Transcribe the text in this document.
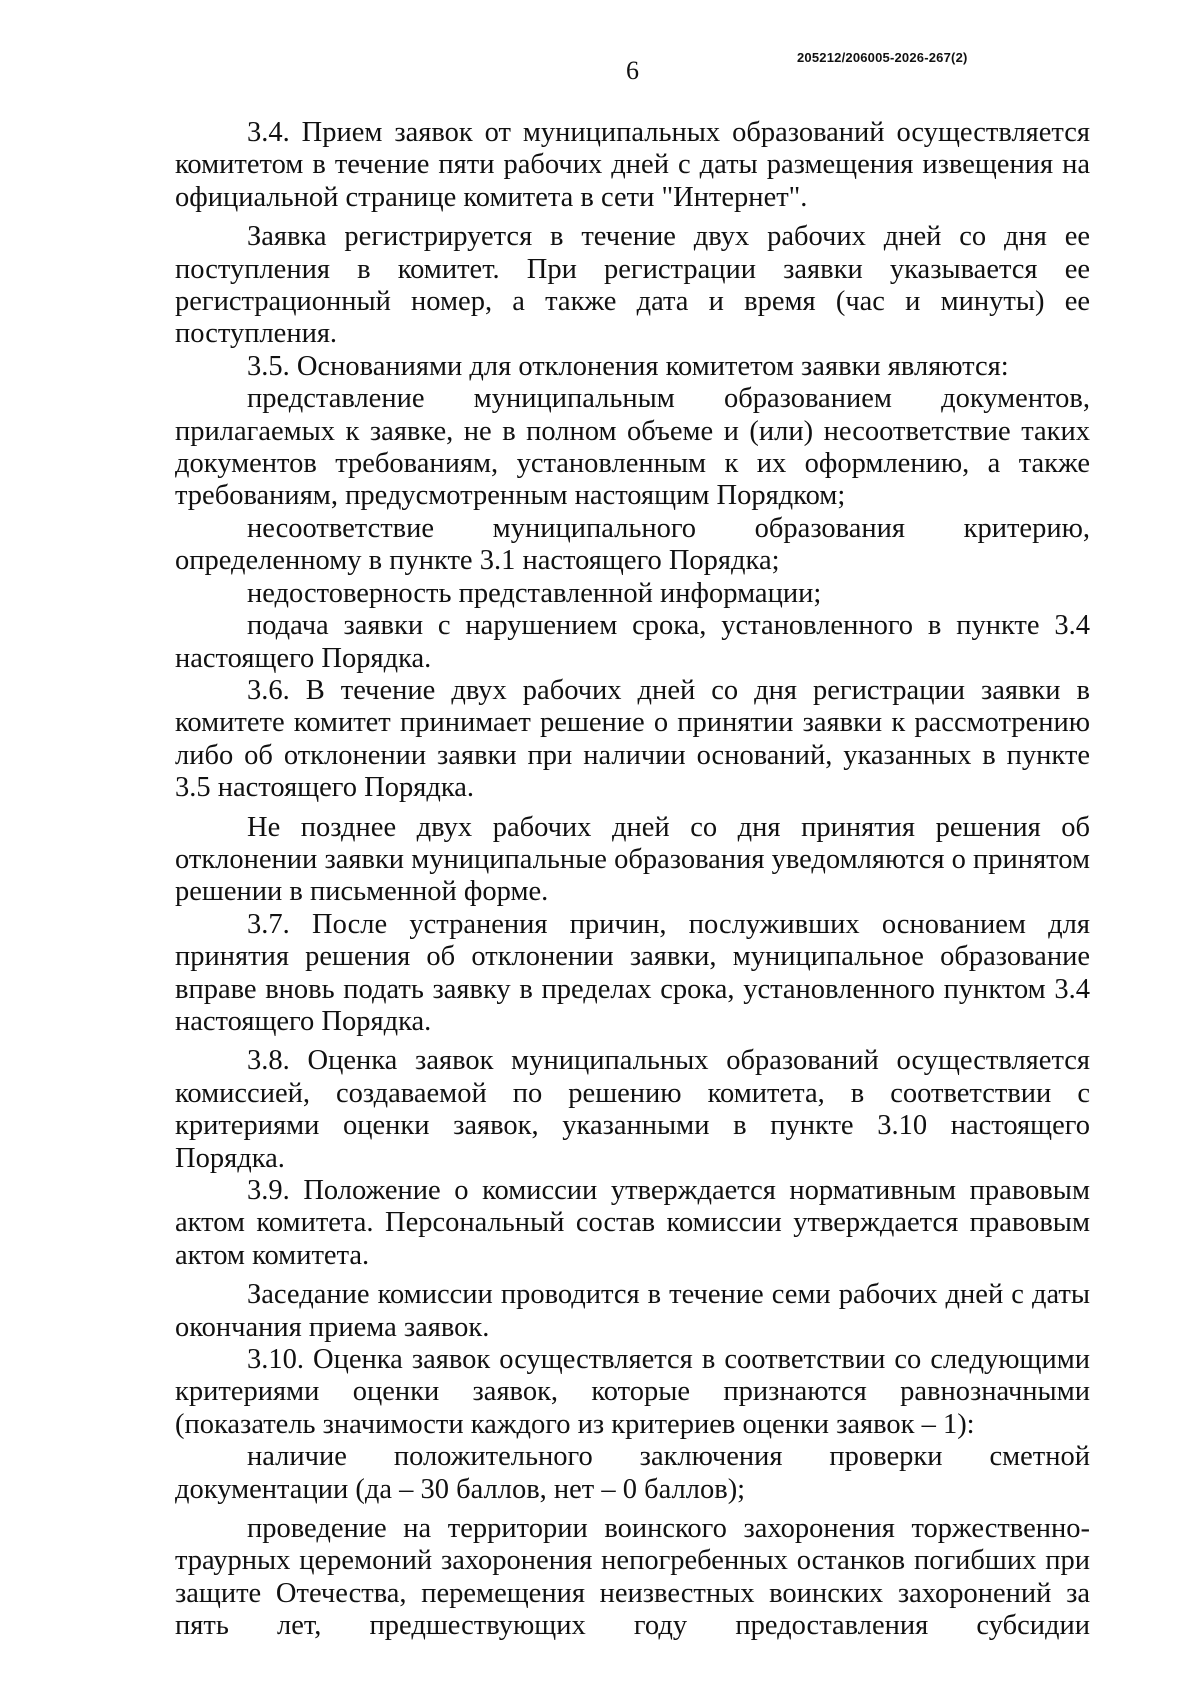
6	205212/206005-2026-267(2)

3.4. Прием заявок от муниципальных образований осуществляется комитетом в течение пяти рабочих дней с даты размещения извещения на официальной странице комитета в сети "Интернет".

Заявка регистрируется в течение двух рабочих дней со дня ее поступления в комитет. При регистрации заявки указывается ее регистрационный номер, а также дата и время (час и минуты) ее поступления.

3.5. Основаниями для отклонения комитетом заявки являются:

представление муниципальным образованием документов, прилагаемых к заявке, не в полном объеме и (или) несоответствие таких документов требованиям, установленным к их оформлению, а также требованиям, предусмотренным настоящим Порядком;

несоответствие муниципального образования критерию, определенному в пункте 3.1 настоящего Порядка;

недостоверность представленной информации;

подача заявки с нарушением срока, установленного в пункте 3.4 настоящего Порядка.

3.6. В течение двух рабочих дней со дня регистрации заявки в комитете комитет принимает решение о принятии заявки к рассмотрению либо об отклонении заявки при наличии оснований, указанных в пункте 3.5 настоящего Порядка.

Не позднее двух рабочих дней со дня принятия решения об отклонении заявки муниципальные образования уведомляются о принятом решении в письменной форме.

3.7. После устранения причин, послуживших основанием для принятия решения об отклонении заявки, муниципальное образование вправе вновь подать заявку в пределах срока, установленного пунктом 3.4 настоящего Порядка.

3.8. Оценка заявок муниципальных образований осуществляется комиссией, создаваемой по решению комитета, в соответствии с критериями оценки заявок, указанными в пункте 3.10 настоящего Порядка.

3.9. Положение о комиссии утверждается нормативным правовым актом комитета. Персональный состав комиссии утверждается правовым актом комитета.

Заседание комиссии проводится в течение семи рабочих дней с даты окончания приема заявок.

3.10. Оценка заявок осуществляется в соответствии со следующими критериями оценки заявок, которые признаются равнозначными (показатель значимости каждого из критериев оценки заявок – 1):

наличие положительного заключения проверки сметной документации (да – 30 баллов, нет – 0 баллов);

проведение на территории воинского захоронения торжественно-траурных церемоний захоронения непогребенных останков погибших при защите Отечества, перемещения неизвестных воинских захоронений за пять лет, предшествующих году предоставления субсидии
